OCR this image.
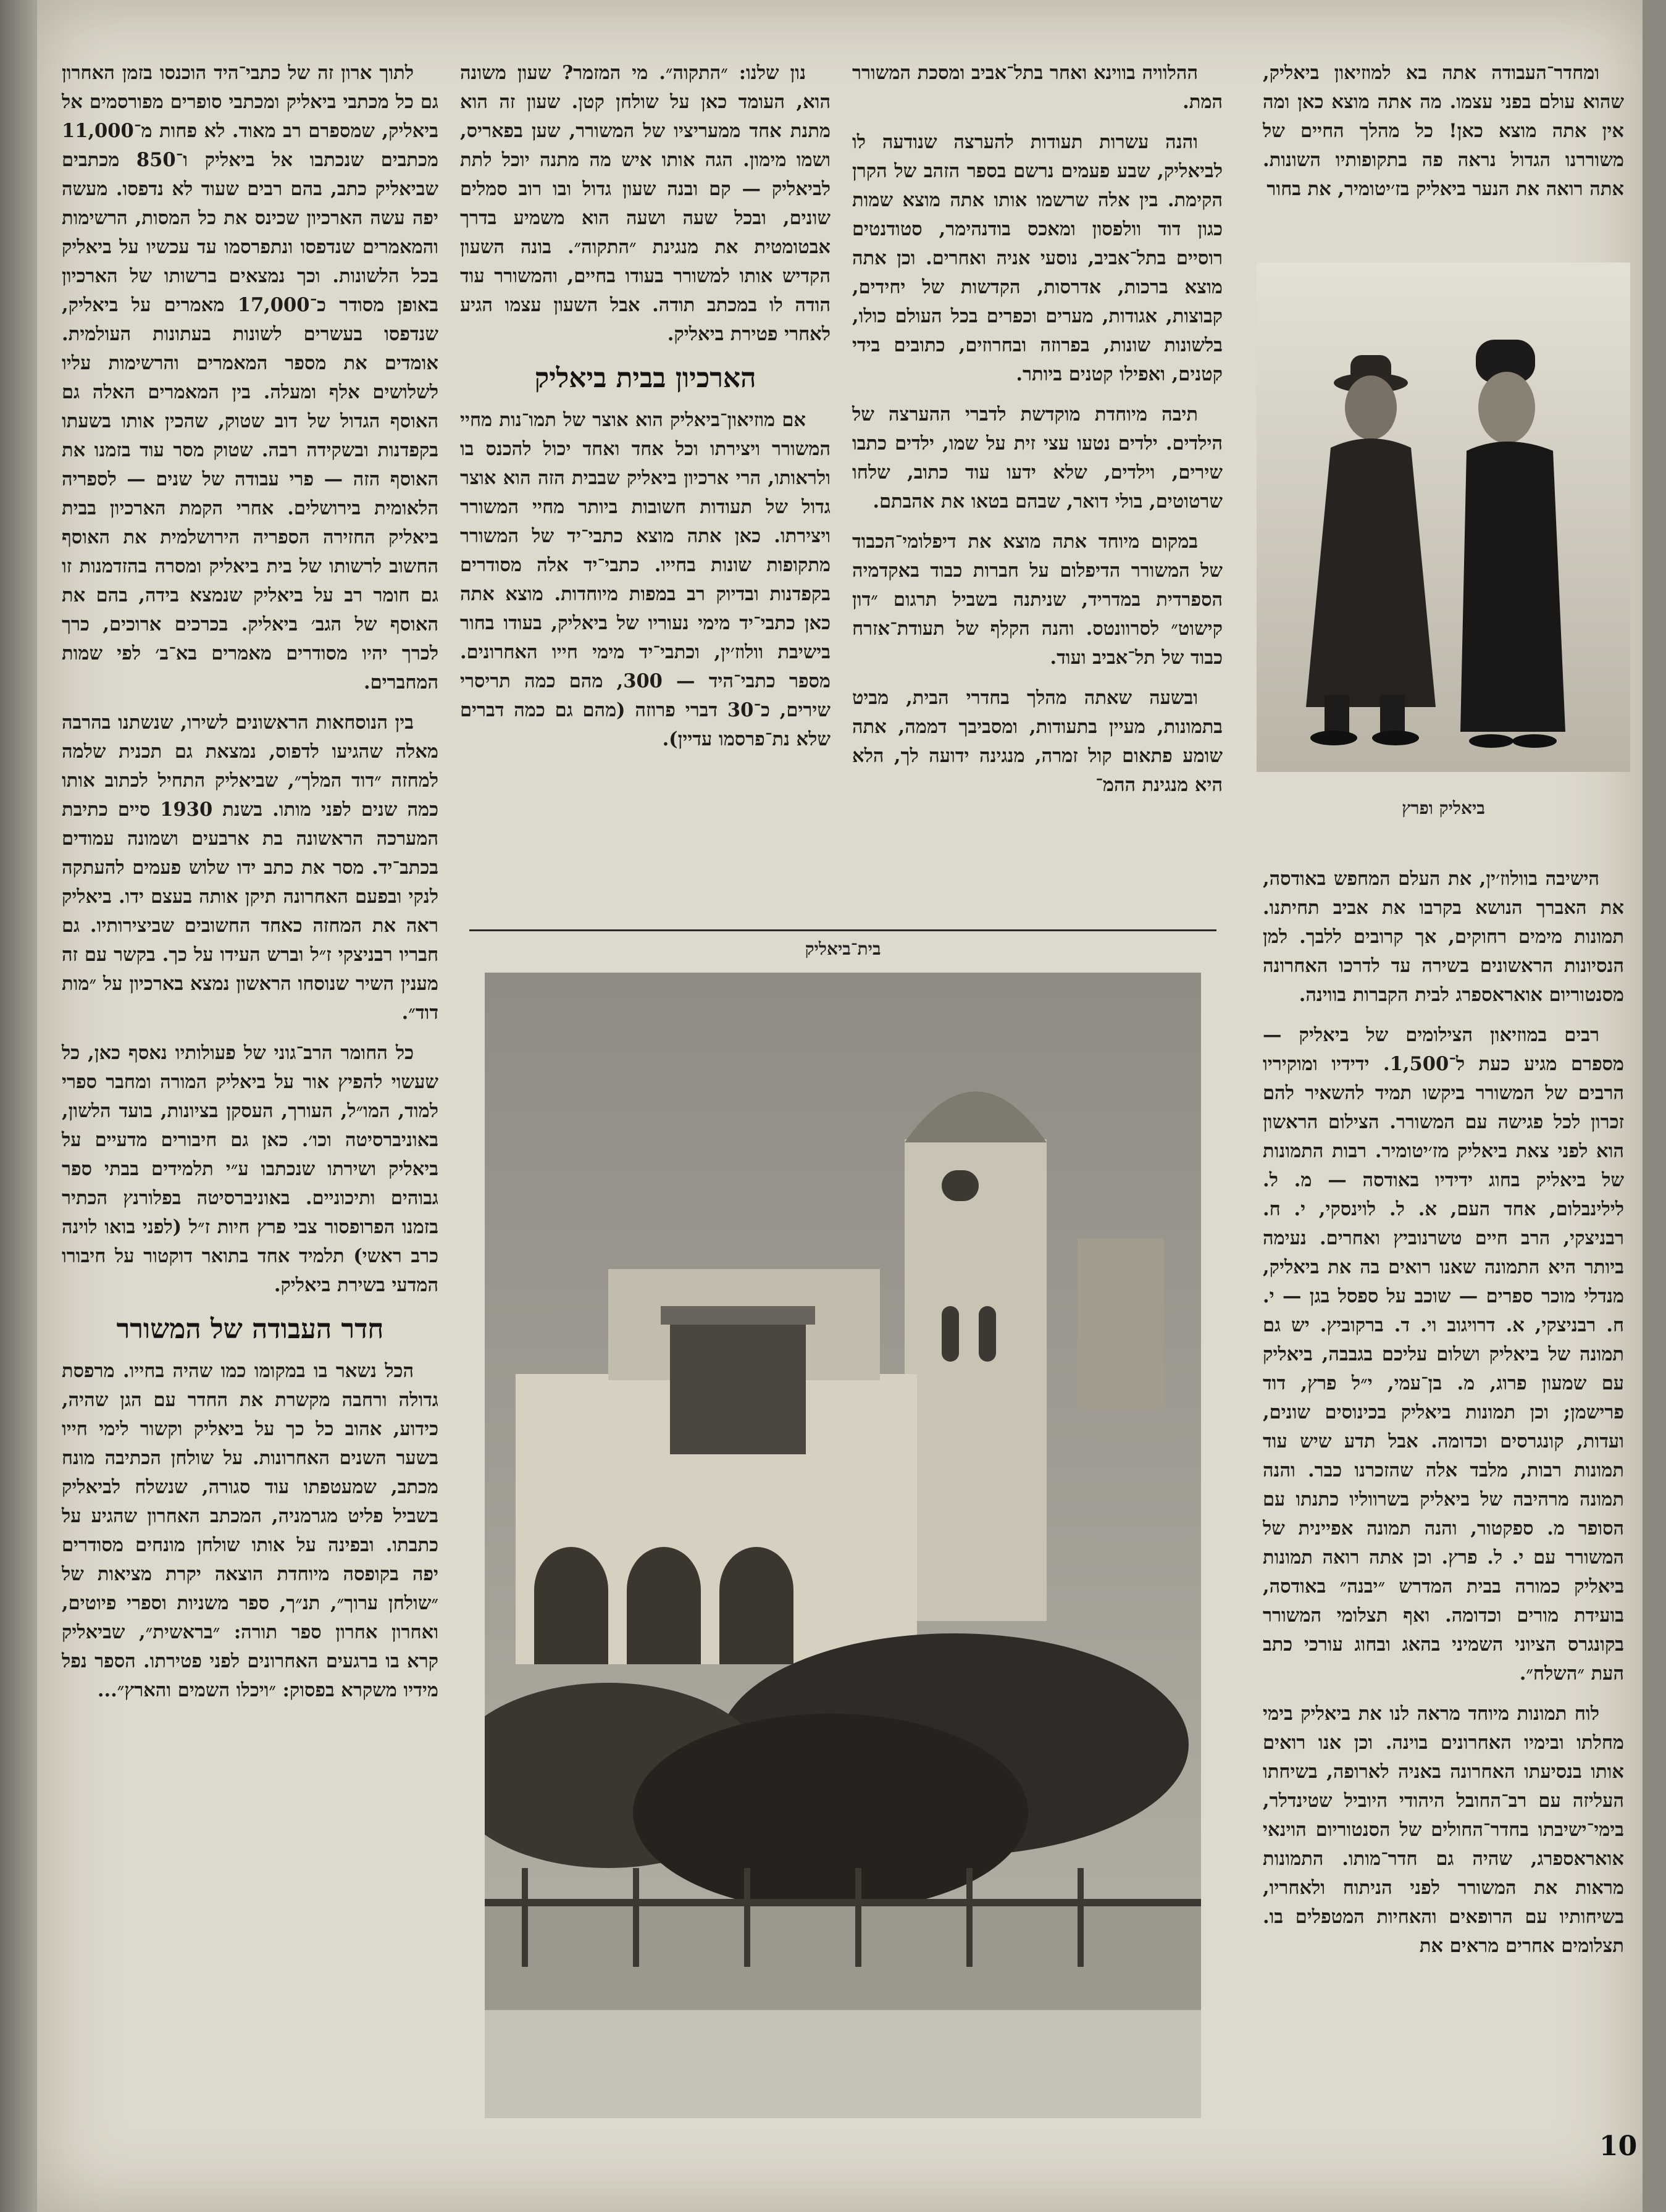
ומחדר־העבודה אתה בא למוזיאון ביאליק, שהוא עולם בפני עצמו. מה אתה מוצא כאן ומה אין אתה מוצא כאן! כל מהלך החיים של משוררנו הגדול נראה פה בתקופותיו השונות. אתה רואה את הנער ביאליק בז׳יטומיר, את בחור

ביאליק ופרץ

הישיבה בוולוז׳ין, את העלם המחפש באודסה, את האברך הנושא בקרבו את אביב תחיתנו. תמונות מימים רחוקים, אך קרובים ללבך. למן הנסיונות הראשונים בשירה עד לדרכו האחרונה מסנטוריום אואראספרג לבית הקברות בווינה.

רבים במוזיאון הצילומים של ביאליק — מספרם מגיע כעת ל־1,500. ידידיו ומוקיריו הרבים של המשורר ביקשו תמיד להשאיר להם זכרון לכל פגישה עם המשורר. הצילום הראשון הוא לפני צאת ביאליק מז׳יטומיר. רבות התמונות של ביאליק בחוג ידידיו באודסה — מ. ל. לילינבלום, אחד העם, א. ל. לוינסקי, י. ח. רבניצקי, הרב חיים טשרנוביץ ואחרים. נעימה ביותר היא התמונה שאנו רואים בה את ביאליק, מנדלי מוכר ספרים — שוכב על ספסל בגן — י. ח. רבניצקי, א. דרויגוב וי. ד. ברקוביץ. יש גם תמונה של ביאליק ושלום עליכם בגבבה, ביאליק עם שמעון פרוג, מ. בן־עמי, י״ל פרץ, דוד פרישמן; וכן תמונות ביאליק בכינוסים שונים, ועדות, קונגרסים וכדומה. אבל תדע שיש עוד תמונות רבות, מלבד אלה שהזכרנו כבר. והנה תמונה מרהיבה של ביאליק בשרווליו כתנתו עם הסופר מ. ספקטור, והנה תמונה אפיינית של המשורר עם י. ל. פרץ. וכן אתה רואה תמונות ביאליק כמורה בבית המדרש ״יבנה״ באודסה, בועידת מורים וכדומה. ואף תצלומי המשורר בקונגרס הציוני השמיני בהאג ובחוג עורכי כתב העת ״השלח״.

לוח תמונות מיוחד מראה לנו את ביאליק בימי מחלתו ובימיו האחרונים בוינה. וכן אנו רואים אותו בנסיעתו האחרונה באניה לארופה, בשיחתו העליזה עם רב־החובל היהודי היוביל שטינדלר, בימי־ישיבתו בחדר־החולים של הסנטוריום הוינאי אואראספרג, שהיה גם חדר־מותו. התמונות מראות את המשורר לפני הניתוח ולאחריו, בשיחותיו עם הרופאים והאחיות המטפלים בו. תצלומים אחרים מראים את

ההלוויה בווינא ואחר בתל־אביב ומסכת המשורר המת.

והנה עשרות תעודות להערצה שנודעה לו לביאליק, שבע פעמים נרשם בספר הזהב של הקרן הקימת. בין אלה שרשמו אותו אתה מוצא שמות כגון דוד וולפסון ומאכס בודנהימר, סטודנטים רוסיים בתל־אביב, נוסעי אניה ואחרים. וכן אתה מוצא ברכות, אדרסות, הקדשות של יחידים, קבוצות, אגודות, מערים וכפרים בכל העולם כולו, בלשונות שונות, בפרוזה ובחרוזים, כתובים בידי קטנים, ואפילו קטנים ביותר.

תיבה מיוחדת מוקדשת לדברי ההערצה של הילדים. ילדים נטעו עצי זית על שמו, ילדים כתבו שירים, וילדים, שלא ידעו עוד כתוב, שלחו שרטוטים, בולי דואר, שבהם בטאו את אהבתם.

במקום מיוחד אתה מוצא את דיפלומי־הכבוד של המשורר הדיפלום על חברות כבוד באקדמיה הספרדית במדריד, שניתנה בשביל תרגום ״דון קישוט״ לסרוונטס. והנה הקלף של תעודת־אזרח כבוד של תל־אביב ועוד.

ובשעה שאתה מהלך בחדרי הבית, מביט בתמונות, מעיין בתעודות, ומסביבך דממה, אתה שומע פתאום קול זמרה, מנגינה ידועה לך, הלא היא מנגינת ההמ־

נון שלנו: ״התקוה״. מי המזמר? שעון משונה הוא, העומד כאן על שולחן קטן. שעון זה הוא מתנת אחד ממעריציו של המשורר, שען בפאריס, ושמו מימון. הגה אותו איש מה מתנה יוכל לתת לביאליק — קם ובנה שעון גדול ובו רוב סמלים שונים, ובכל שעה ושעה הוא משמיע בדרך אבטומטית את מנגינת ״התקוה״. בונה השעון הקדיש אותו למשורר בעודו בחיים, והמשורר עוד הודה לו במכתב תודה. אבל השעון עצמו הגיע לאחרי פטירת ביאליק.

הארכיון בבית ביאליק

אם מוזיאון־ביאליק הוא אוצר של תמו־נות מחיי המשורר ויצירתו וכל אחד ואחד יכול להכנס בו ולראותו, הרי ארכיון ביאליק שבבית הזה הוא אוצר גדול של תעודות חשובות ביותר מחיי המשורר ויצירתו. כאן אתה מוצא כתבי־יד של המשורר מתקופות שונות בחייו. כתבי־יד אלה מסודרים בקפדנות ובדיוק רב במפות מיוחדות. מוצא אתה כאן כתבי־יד מימי נעוריו של ביאליק, בעודו בחור בישיבת וולוז׳ין, וכתבי־יד מימי חייו האחרונים. מספר כתבי־היד — 300, מהם כמה תריסרי שירים, כ־30 דברי פרוזה (מהם גם כמה דברים שלא נת־פרסמו עדיין).

בית־ביאליק

לתוך ארון זה של כתבי־היד הוכנסו בזמן האחרון גם כל מכתבי ביאליק ומכתבי סופרים מפורסמים אל ביאליק, שמספרם רב מאוד. לא פחות מ־11,000 מכתבים שנכתבו אל ביאליק ו־850 מכתבים שביאליק כתב, בהם רבים שעוד לא נדפסו. מעשה יפה עשה הארכיון שכינס את כל המסות, הרשימות והמאמרים שנדפסו ונתפרסמו עד עכשיו על ביאליק בכל הלשונות. וכך נמצאים ברשותו של הארכיון באופן מסודר כ־17,000 מאמרים על ביאליק, שנדפסו בעשרים לשונות בעתונות העולמית. אומדים את מספר המאמרים והרשימות עליו לשלושים אלף ומעלה. בין המאמרים האלה גם האוסף הגדול של דוב שטוק, שהכין אותו בשעתו בקפדנות ובשקידה רבה. שטוק מסר עוד בזמנו את האוסף הזה — פרי עבודה של שנים — לספריה הלאומית בירושלים. אחרי הקמת הארכיון בבית ביאליק החזירה הספריה הירושלמית את האוסף החשוב לרשותו של בית ביאליק ומסרה בהזדמנות זו גם חומר רב על ביאליק שנמצא בידה, בהם את האוסף של הגב׳ ביאליק. בכרכים ארוכים, כרך לכרך יהיו מסודרים מאמרים בא־ב׳ לפי שמות המחברים.

בין הנוסחאות הראשונים לשירו, שנשתנו בהרבה מאלה שהגיעו לדפוס, נמצאת גם תכנית שלמה למחזה ״דוד המלך״, שביאליק התחיל לכתוב אותו כמה שנים לפני מותו. בשנת 1930 סיים כתיבת המערכה הראשונה בת ארבעים ושמונה עמודים בכתב־יד. מסר את כתב ידו שלוש פעמים להעתקה לנקי ובפעם האחרונה תיקן אותה בעצם ידו. ביאליק ראה את המחזה כאחד החשובים שביצירותיו. גם חבריו רבניצקי ז״ל וברש העידו על כך. בקשר עם זה מענין השיר שנוסחו הראשון נמצא בארכיון על ״מות דוד״.

כל החומר הרב־גוני של פעולותיו נאסף כאן, כל שעשוי להפיץ אור על ביאליק המורה ומחבר ספרי למוד, המו״ל, העורך, העסקן בציונות, בועד הלשון, באוניברסיטה וכו׳. כאן גם חיבורים מדעיים על ביאליק ושירתו שנכתבו ע״י תלמידים בבתי ספר גבוהים ותיכוניים. באוניברסיטה בפלורנץ הכתיר בזמנו הפרופסור צבי פרץ חיות ז״ל (לפני בואו לוינה כרב ראשי) תלמיד אחד בתואר דוקטור על חיבורו המדעי בשירת ביאליק.

חדר העבודה של המשורר

הכל נשאר בו במקומו כמו שהיה בחייו. מרפסת גדולה ורחבה מקשרת את החדר עם הגן שהיה, כידוע, אהוב כל כך על ביאליק וקשור לימי חייו בשער השנים האחרונות. על שולחן הכתיבה מונח מכתב, שמעטפתו עוד סגורה, שנשלח לביאליק בשביל פליט מגרמניה, המכתב האחרון שהגיע על כתבתו. ובפינה על אותו שולחן מונחים מסודרים יפה בקופסה מיוחדת הוצאה יקרת מציאות של ״שולחן ערוך״, תנ״ך, ספר משניות וספרי פיוטים, ואחרון אחרון ספר תורה: ״בראשית״, שביאליק קרא בו ברגעים האחרונים לפני פטירתו. הספר נפל מידיו משקרא בפסוק: ״ויכלו השמים והארץ״...

10
